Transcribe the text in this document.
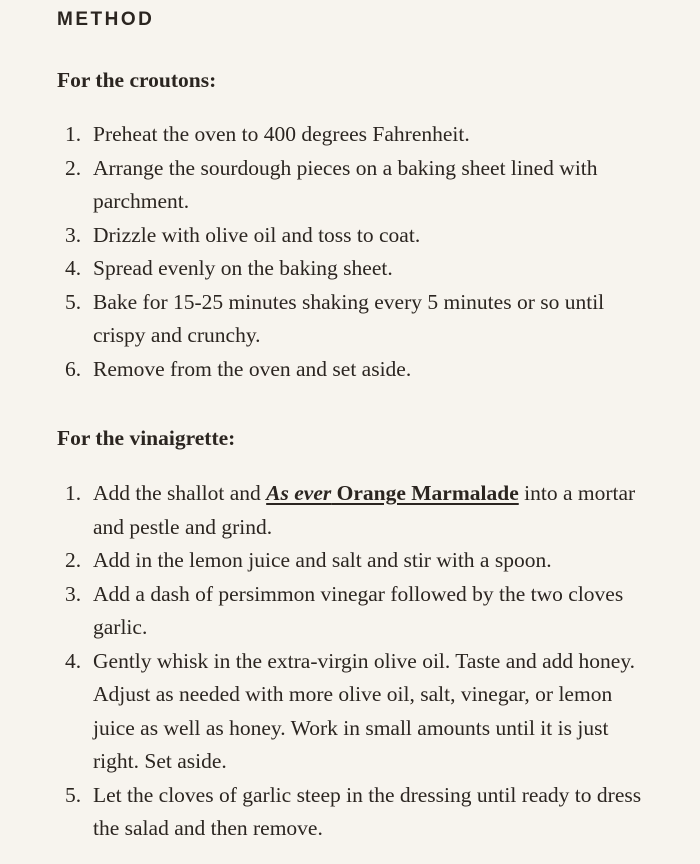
METHOD
For the croutons:
1. Preheat the oven to 400 degrees Fahrenheit.
2. Arrange the sourdough pieces on a baking sheet lined with parchment.
3. Drizzle with olive oil and toss to coat.
4. Spread evenly on the baking sheet.
5. Bake for 15-25 minutes shaking every 5 minutes or so until crispy and crunchy.
6. Remove from the oven and set aside.
For the vinaigrette:
1. Add the shallot and As ever Orange Marmalade into a mortar and pestle and grind.
2. Add in the lemon juice and salt and stir with a spoon.
3. Add a dash of persimmon vinegar followed by the two cloves garlic.
4. Gently whisk in the extra-virgin olive oil. Taste and add honey. Adjust as needed with more olive oil, salt, vinegar, or lemon juice as well as honey. Work in small amounts until it is just right. Set aside.
5. Let the cloves of garlic steep in the dressing until ready to dress the salad and then remove.
